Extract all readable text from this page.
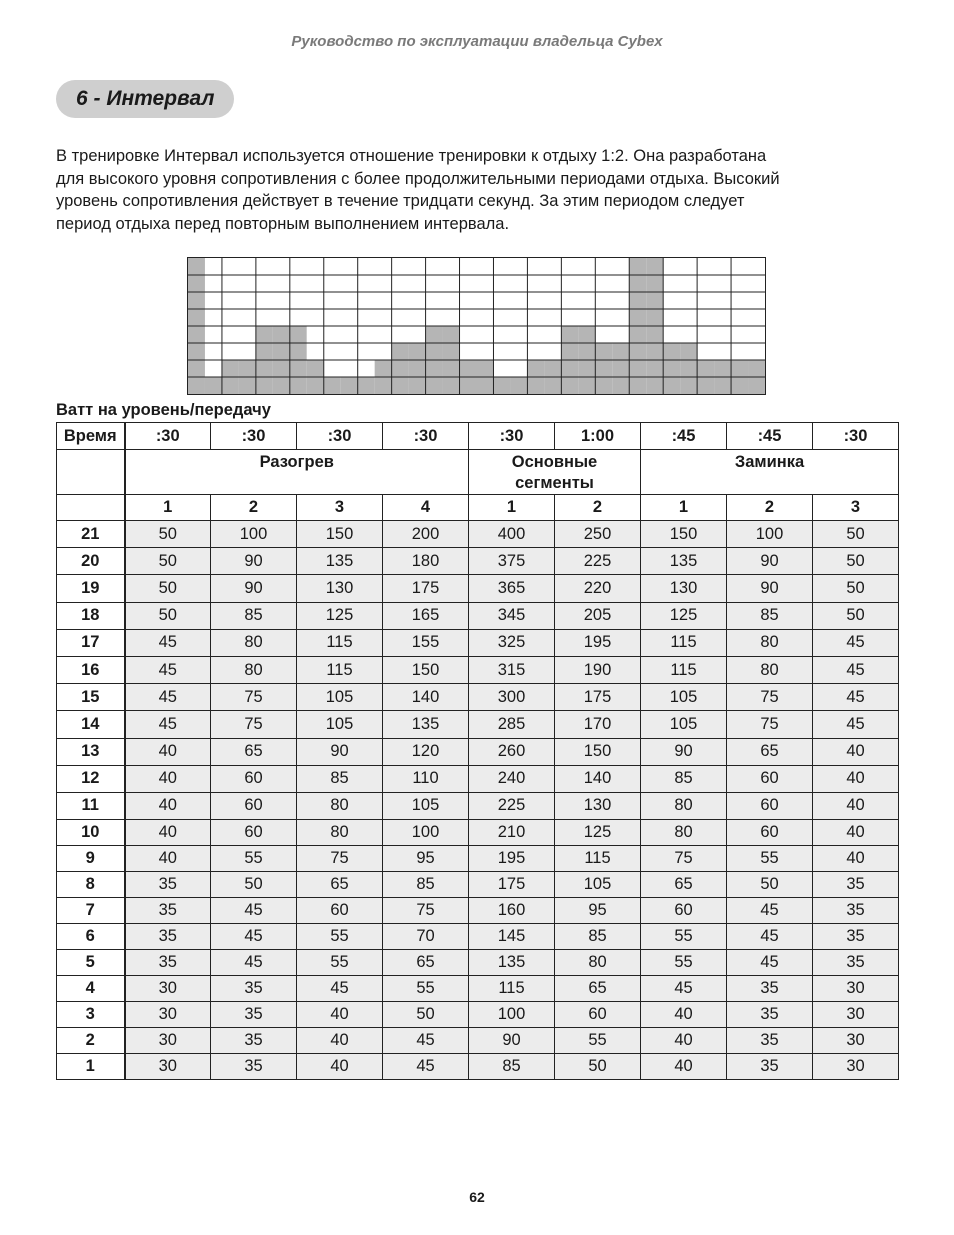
Руководство по эксплуатации владельца Cybex
6 - Интервал
В тренировке Интервал используется отношение тренировки к отдыху 1:2. Она разработана
для высокого уровня сопротивления с более продолжительными периодами отдыха. Высокий
уровень сопротивления действует в течение тридцати секунд. За этим периодом следует
период отдыха перед повторным выполнением интервала.
Ватт на уровень/передачу
Время	:30	:30	:30	:30	:30	1:00	:45	:45	:30
	Разогрев				Основные сегменты		Заминка		
	1	2	3	4	1	2	1	2	3
21	50	100	150	200	400	250	150	100	50
20	50	90	135	180	375	225	135	90	50
19	50	90	130	175	365	220	130	90	50
18	50	85	125	165	345	205	125	85	50
17	45	80	115	155	325	195	115	80	45
16	45	80	115	150	315	190	115	80	45
15	45	75	105	140	300	175	105	75	45
14	45	75	105	135	285	170	105	75	45
13	40	65	90	120	260	150	90	65	40
12	40	60	85	110	240	140	85	60	40
11	40	60	80	105	225	130	80	60	40
10	40	60	80	100	210	125	80	60	40
9	40	55	75	95	195	115	75	55	40
8	35	50	65	85	175	105	65	50	35
7	35	45	60	75	160	95	60	45	35
6	35	45	55	70	145	85	55	45	35
5	35	45	55	65	135	80	55	45	35
4	30	35	45	55	115	65	45	35	30
3	30	35	40	50	100	60	40	35	30
2	30	35	40	45	90	55	40	35	30
1	30	35	40	45	85	50	40	35	30
62
